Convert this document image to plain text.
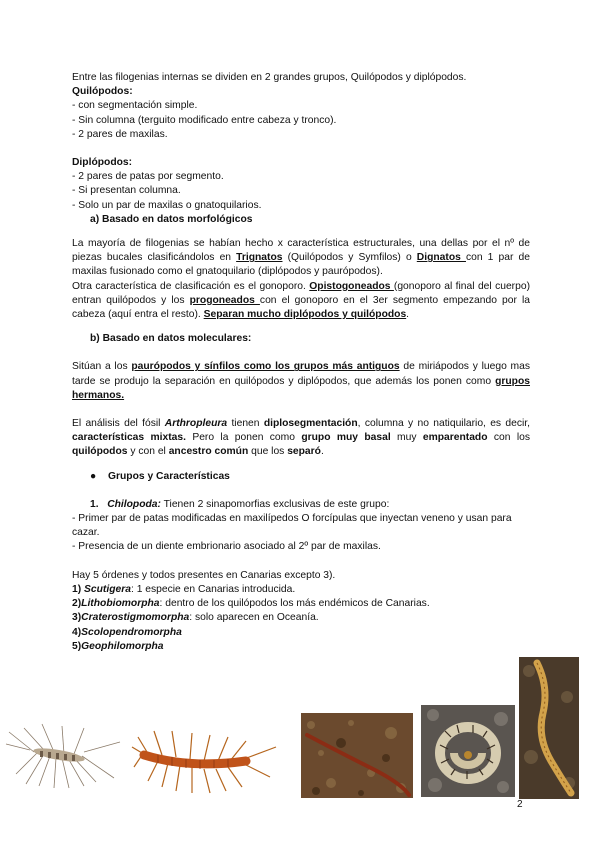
Entre las filogenias internas se dividen en 2 grandes grupos, Quilópodos y diplópodos.

Quilópodos:

- con segmentación simple.

- Sin columna (terguito modificado entre cabeza y tronco).

- 2 pares de maxilas.

Diplópodos:

- 2 pares de patas por segmento.

- Si presentan columna.

- Solo un par de maxilas o gnatoquilarios.

a) Basado en datos morfológicos

La mayoría de filogenias se habían hecho x característica estructurales, una dellas por el nº de piezas bucales clasificándolos en Trignatos (Quilópodos y Symfilos) o Dignatos con 1 par de maxilas fusionado como el gnatoquilario (diplópodos y paurópodos).

Otra característica de clasificación es el gonoporo. Opistogoneados (gonoporo al final del cuerpo) entran quilópodos y los progoneados con el gonoporo en el 3er segmento empezando por la cabeza (aquí entra el resto). Separan mucho diplópodos y quilópodos.

b) Basado en datos moleculares:

Sitúan a los paurópodos y sínfilos como los grupos más antiguos de miriápodos y luego mas tarde se produjo la separación en quilópodos y diplópodos, que además los ponen como grupos hermanos.

El análisis del fósil Arthropleura tienen diplosegmentación, columna y no natiquilario, es decir, características mixtas. Pero la ponen como grupo muy basal muy emparentado con los quilópodos y con el ancestro común que los separó.

● Grupos y Características

1. Chilopoda: Tienen 2 sinapomorfias exclusivas de este grupo:

- Primer par de patas modificadas en maxilípedos O forcípulas que inyectan veneno y usan para cazar.

- Presencia de un diente embrionario asociado al 2º par de maxilas.

Hay 5 órdenes y todos presentes en Canarias excepto 3).

1) Scutigera: 1 especie en Canarias introducida.

2)Lithobiomorpha: dentro de los quilópodos los más endémicos de Canarias.

3)Craterostigmomorpha: solo aparecen en Oceanía.

4)Scolopendromorpha

5)Geophilomorpha

2
